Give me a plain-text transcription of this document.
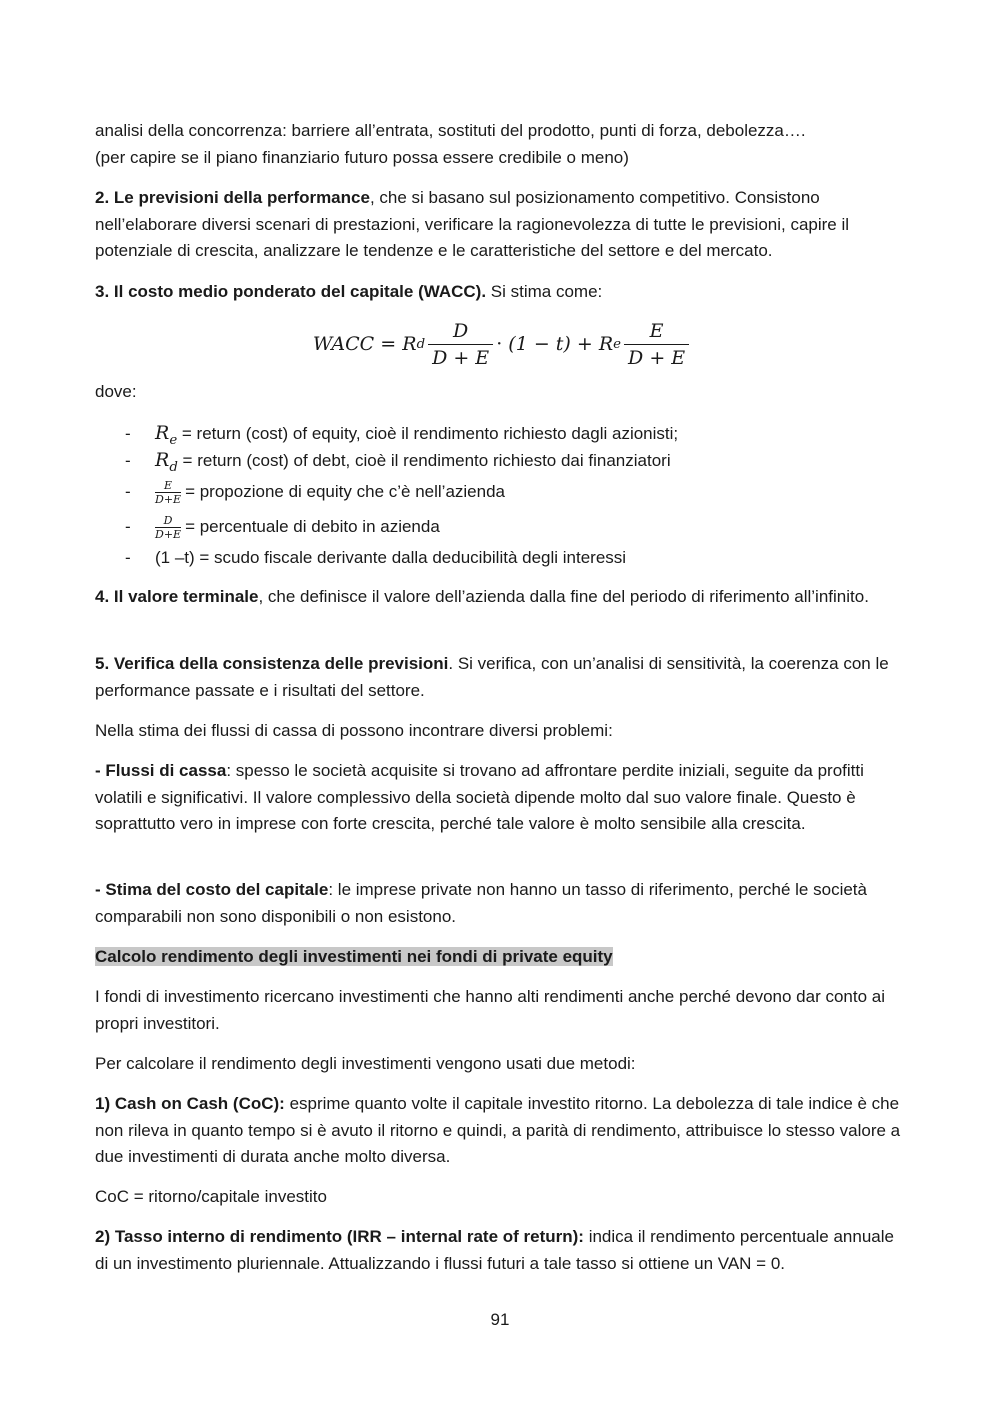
analisi della concorrenza: barriere all’entrata, sostituti del prodotto, punti di forza, debolezza….
(per capire se il piano finanziario futuro possa essere credibile o meno)

2. Le previsioni della performance, che si basano sul posizionamento competitivo. Consistono nell’elaborare diversi scenari di prestazioni, verificare la ragionevolezza di tutte le previsioni, capire il potenziale di crescita, analizzare le tendenze e le caratteristiche del settore e del mercato.

3. Il costo medio ponderato del capitale (WACC). Si stima come:

WACC
=
R d $\frac{D}{D + E}$ ·
(1 − t)
+
R e $\frac{E}{D + E}$

dove:

- $R_e$ = return (cost) of equity, cioè il rendimento richiesto dagli azionisti;
- $R_d$ = return (cost) of debt, cioè il rendimento richiesto dai finanziatori
- $\frac{E}{D+E}$ = propozione di equity che c’è nell’azienda
- $\frac{D}{D+E}$ = percentuale di debito in azienda
- (1 –t) = scudo fiscale derivante dalla deducibilità degli interessi

4. Il valore terminale, che definisce il valore dell’azienda dalla fine del periodo di riferimento all’infinito.

5. Verifica della consistenza delle previsioni. Si verifica, con un’analisi di sensitività, la coerenza con le performance passate e i risultati del settore.

Nella stima dei flussi di cassa di possono incontrare diversi problemi:

- Flussi di cassa: spesso le società acquisite si trovano ad affrontare perdite iniziali, seguite da profitti volatili e significativi. Il valore complessivo della società dipende molto dal suo valore finale. Questo è soprattutto vero in imprese con forte crescita, perché tale valore è molto sensibile alla crescita.

- Stima del costo del capitale: le imprese private non hanno un tasso di riferimento, perché le società comparabili non sono disponibili o non esistono.

Calcolo rendimento degli investimenti nei fondi di private equity

I fondi di investimento ricercano investimenti che hanno alti rendimenti anche perché devono dar conto ai propri investitori.

Per calcolare il rendimento degli investimenti vengono usati due metodi:

1) Cash on Cash (CoC): esprime quanto volte il capitale investito ritorno. La debolezza di tale indice è che non rileva in quanto tempo si è avuto il ritorno e quindi, a parità di rendimento, attribuisce lo stesso valore a due investimenti di durata anche molto diversa.

CoC = ritorno/capitale investito

2) Tasso interno di rendimento (IRR – internal rate of return): indica il rendimento percentuale annuale di un investimento pluriennale. Attualizzando i flussi futuri a tale tasso si ottiene un VAN = 0.

91
